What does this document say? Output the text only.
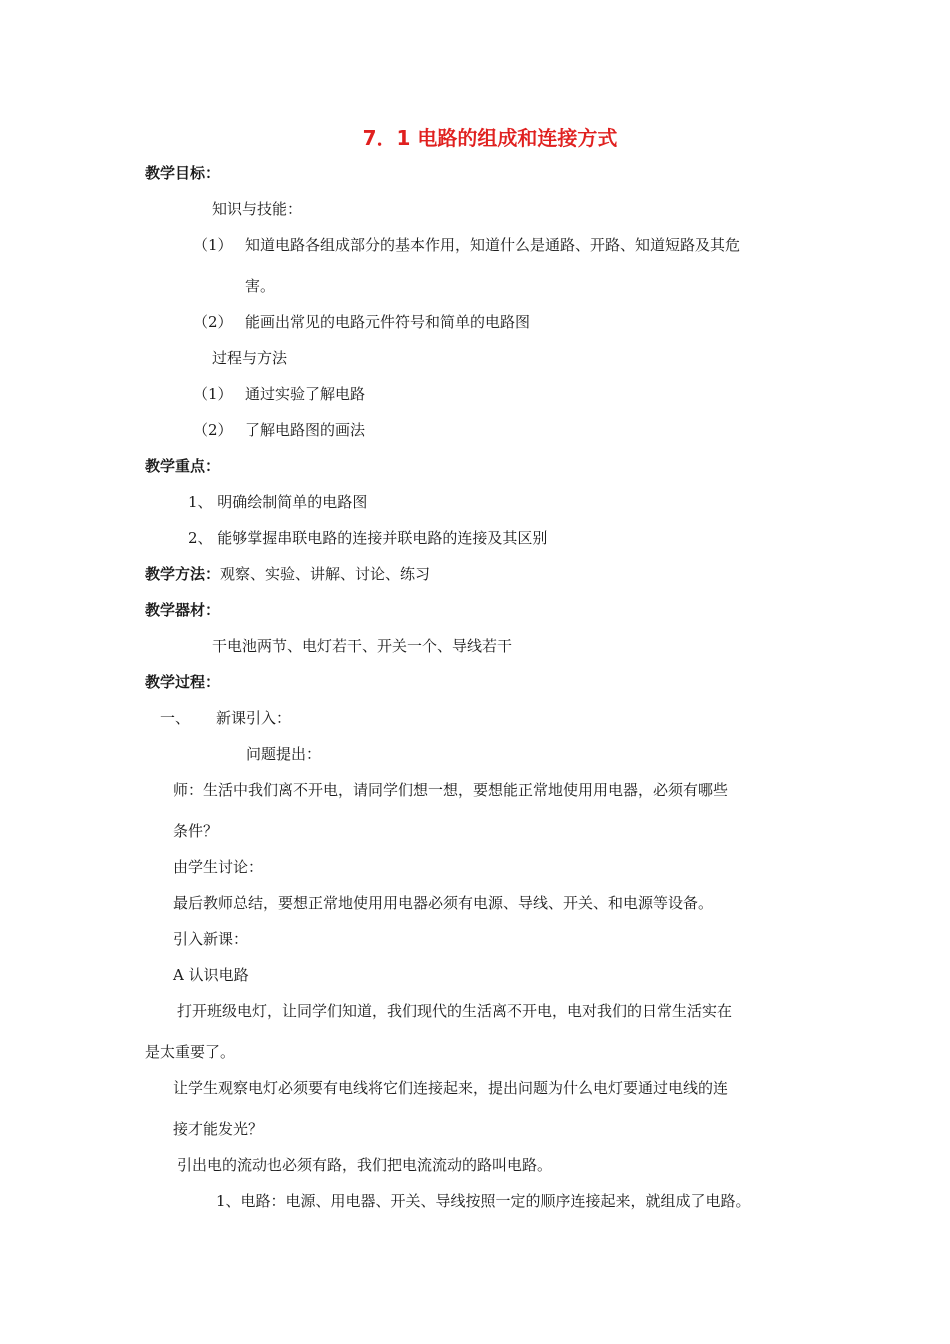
7．1 电路的组成和连接方式
教学目标：
知识与技能：
（1） 知道电路各组成部分的基本作用，知道什么是通路、开路、知道短路及其危
害。
（2） 能画出常见的电路元件符号和简单的电路图
过程与方法
（1） 通过实验了解电路
（2） 了解电路图的画法
教学重点：
1、 明确绘制简单的电路图
2、 能够掌握串联电路的连接并联电路的连接及其区别
教学方法：观察、实验、讲解、讨论、练习
教学器材：
干电池两节、电灯若干、开关一个、导线若干
教学过程：
一、 新课引入：
问题提出：
师：生活中我们离不开电，请同学们想一想，要想能正常地使用用电器，必须有哪些
条件？
由学生讨论：
最后教师总结，要想正常地使用用电器必须有电源、导线、开关、和电源等设备。
引入新课：
A 认识电路
打开班级电灯，让同学们知道，我们现代的生活离不开电，电对我们的日常生活实在
是太重要了。
让学生观察电灯必须要有电线将它们连接起来，提出问题为什么电灯要通过电线的连
接才能发光？
引出电的流动也必须有路，我们把电流流动的路叫电路。
1、电路：电源、用电器、开关、导线按照一定的顺序连接起来，就组成了电路。
